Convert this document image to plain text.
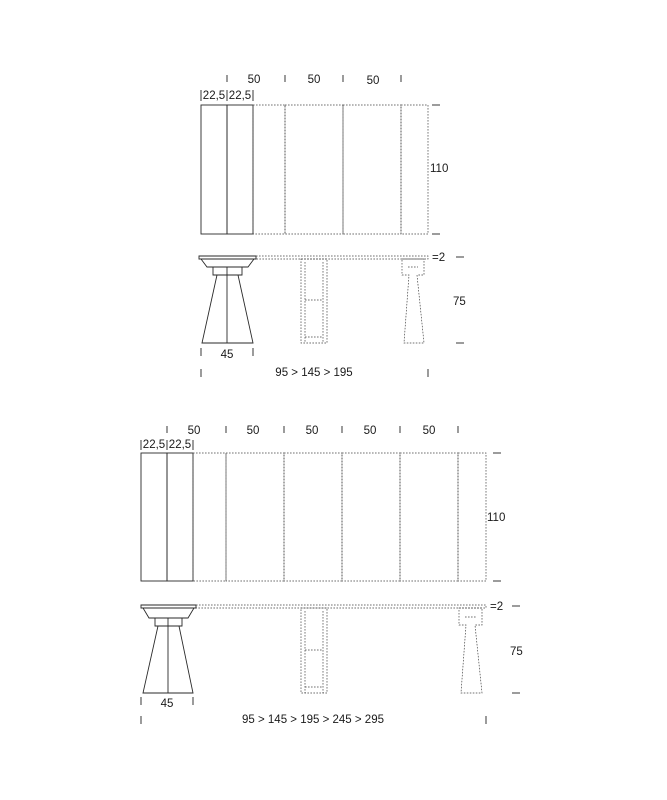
50	50	50
22,5 22,5
110
=2
75
45
95 > 145 > 195
50	50	50	50	50
22,5 22,5
110
=2
75
45
95 > 145 > 195 > 245 > 295
